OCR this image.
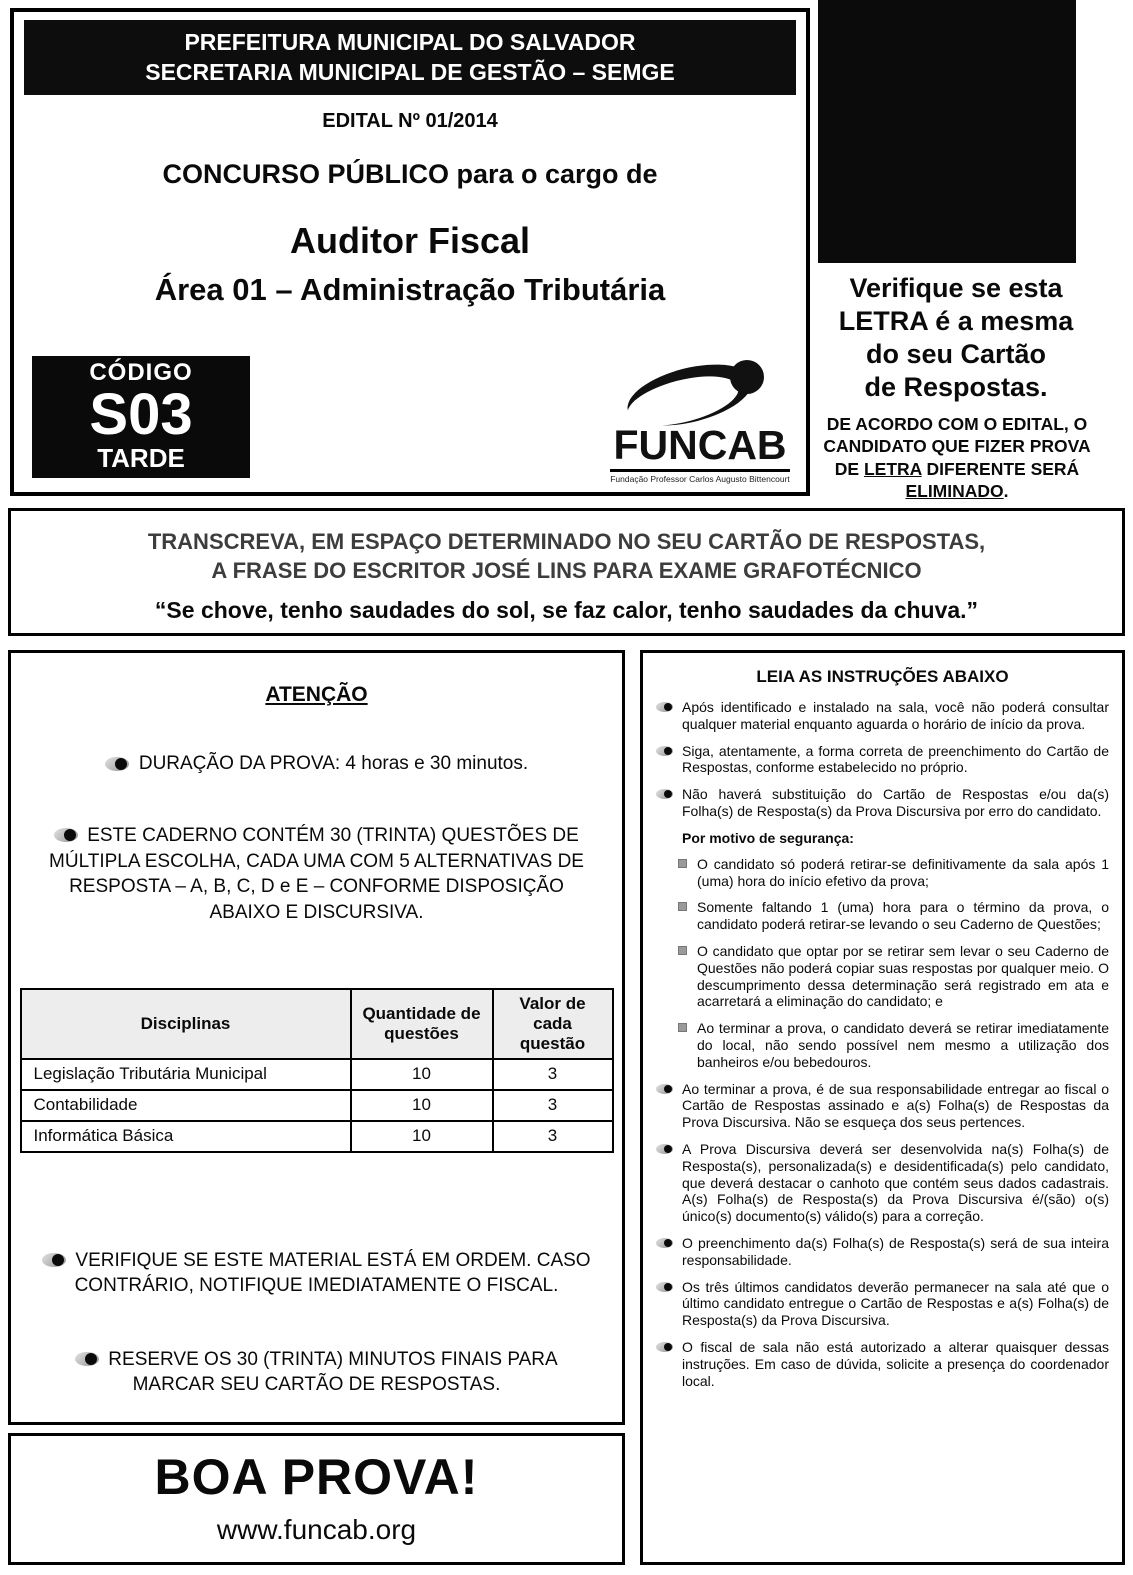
PREFEITURA MUNICIPAL DO SALVADOR
SECRETARIA MUNICIPAL DE GESTÃO – SEMGE
EDITAL Nº 01/2014
CONCURSO PÚBLICO para o cargo de
Auditor Fiscal
Área 01 – Administração Tributária
CÓDIGO
S03
TARDE	FUNCAB
Fundação Professor Carlos Augusto Bittencourt
Verifique se esta
LETRA é a mesma
do seu Cartão
de Respostas.
DE ACORDO COM O EDITAL, O CANDIDATO QUE FIZER PROVA DE LETRA DIFERENTE SERÁ ELIMINADO.
TRANSCREVA, EM ESPAÇO DETERMINADO NO SEU CARTÃO DE RESPOSTAS,
A FRASE DO ESCRITOR JOSÉ LINS PARA EXAME GRAFOTÉCNICO
“Se chove, tenho saudades do sol, se faz calor, tenho saudades da chuva.”
ATENÇÃO
DURAÇÃO DA PROVA: 4 horas e 30 minutos.
ESTE CADERNO CONTÉM 30 (TRINTA) QUESTÕES DE MÚLTIPLA ESCOLHA, CADA UMA COM 5 ALTERNATIVAS DE RESPOSTA – A, B, C, D e E – CONFORME DISPOSIÇÃO ABAIXO E DISCURSIVA.
Disciplinas	Quantidade de questões	Valor de cada questão
Legislação Tributária Municipal	10	3
Contabilidade	10	3
Informática Básica	10	3
VERIFIQUE SE ESTE MATERIAL ESTÁ EM ORDEM. CASO CONTRÁRIO, NOTIFIQUE IMEDIATAMENTE O FISCAL.
RESERVE OS 30 (TRINTA) MINUTOS FINAIS PARA MARCAR SEU CARTÃO DE RESPOSTAS.
BOA PROVA!
www.funcab.org
LEIA AS INSTRUÇÕES ABAIXO
Após identificado e instalado na sala, você não poderá consultar qualquer material enquanto aguarda o horário de início da prova.
Siga, atentamente, a forma correta de preenchimento do Cartão de Respostas, conforme estabelecido no próprio.
Não haverá substituição do Cartão de Respostas e/ou da(s) Folha(s) de Resposta(s) da Prova Discursiva por erro do candidato.
Por motivo de segurança:
O candidato só poderá retirar-se definitivamente da sala após 1 (uma) hora do início efetivo da prova;
Somente faltando 1 (uma) hora para o término da prova, o candidato poderá retirar-se levando o seu Caderno de Questões;
O candidato que optar por se retirar sem levar o seu Caderno de Questões não poderá copiar suas respostas por qualquer meio. O descumprimento dessa determinação será registrado em ata e acarretará a eliminação do candidato; e
Ao terminar a prova, o candidato deverá se retirar imediatamente do local, não sendo possível nem mesmo a utilização dos banheiros e/ou bebedouros.
Ao terminar a prova, é de sua responsabilidade entregar ao fiscal o Cartão de Respostas assinado e a(s) Folha(s) de Respostas da Prova Discursiva. Não se esqueça dos seus pertences.
A Prova Discursiva deverá ser desenvolvida na(s) Folha(s) de Resposta(s), personalizada(s) e desidentificada(s) pelo candidato, que deverá destacar o canhoto que contém seus dados cadastrais. A(s) Folha(s) de Resposta(s) da Prova Discursiva é/(são) o(s) único(s) documento(s) válido(s) para a correção.
O preenchimento da(s) Folha(s) de Resposta(s) será de sua inteira responsabilidade.
Os três últimos candidatos deverão permanecer na sala até que o último candidato entregue o Cartão de Respostas e a(s) Folha(s) de Resposta(s) da Prova Discursiva.
O fiscal de sala não está autorizado a alterar quaisquer dessas instruções. Em caso de dúvida, solicite a presença do coordenador local.
